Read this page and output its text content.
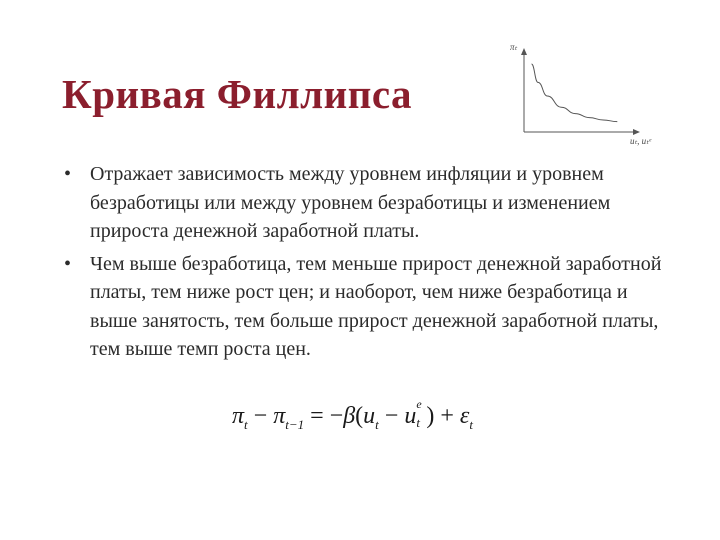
Кривая Филлипса
πₜ
uₜ, uₜᵉ
• Отражает зависимость между уровнем инфляции и уровнем безработицы или между уровнем безработицы и изменением прироста денежной заработной платы.
• Чем выше безработица, тем меньше прирост денежной заработной платы, тем ниже рост цен; и наоборот, чем ниже безработица и выше занятость, тем больше прирост денежной заработной платы, тем выше темп роста цен.
$\pi_t - \pi_{t-1} = -\beta(u_t - u$ e
t ) + $\varepsilon_t$
